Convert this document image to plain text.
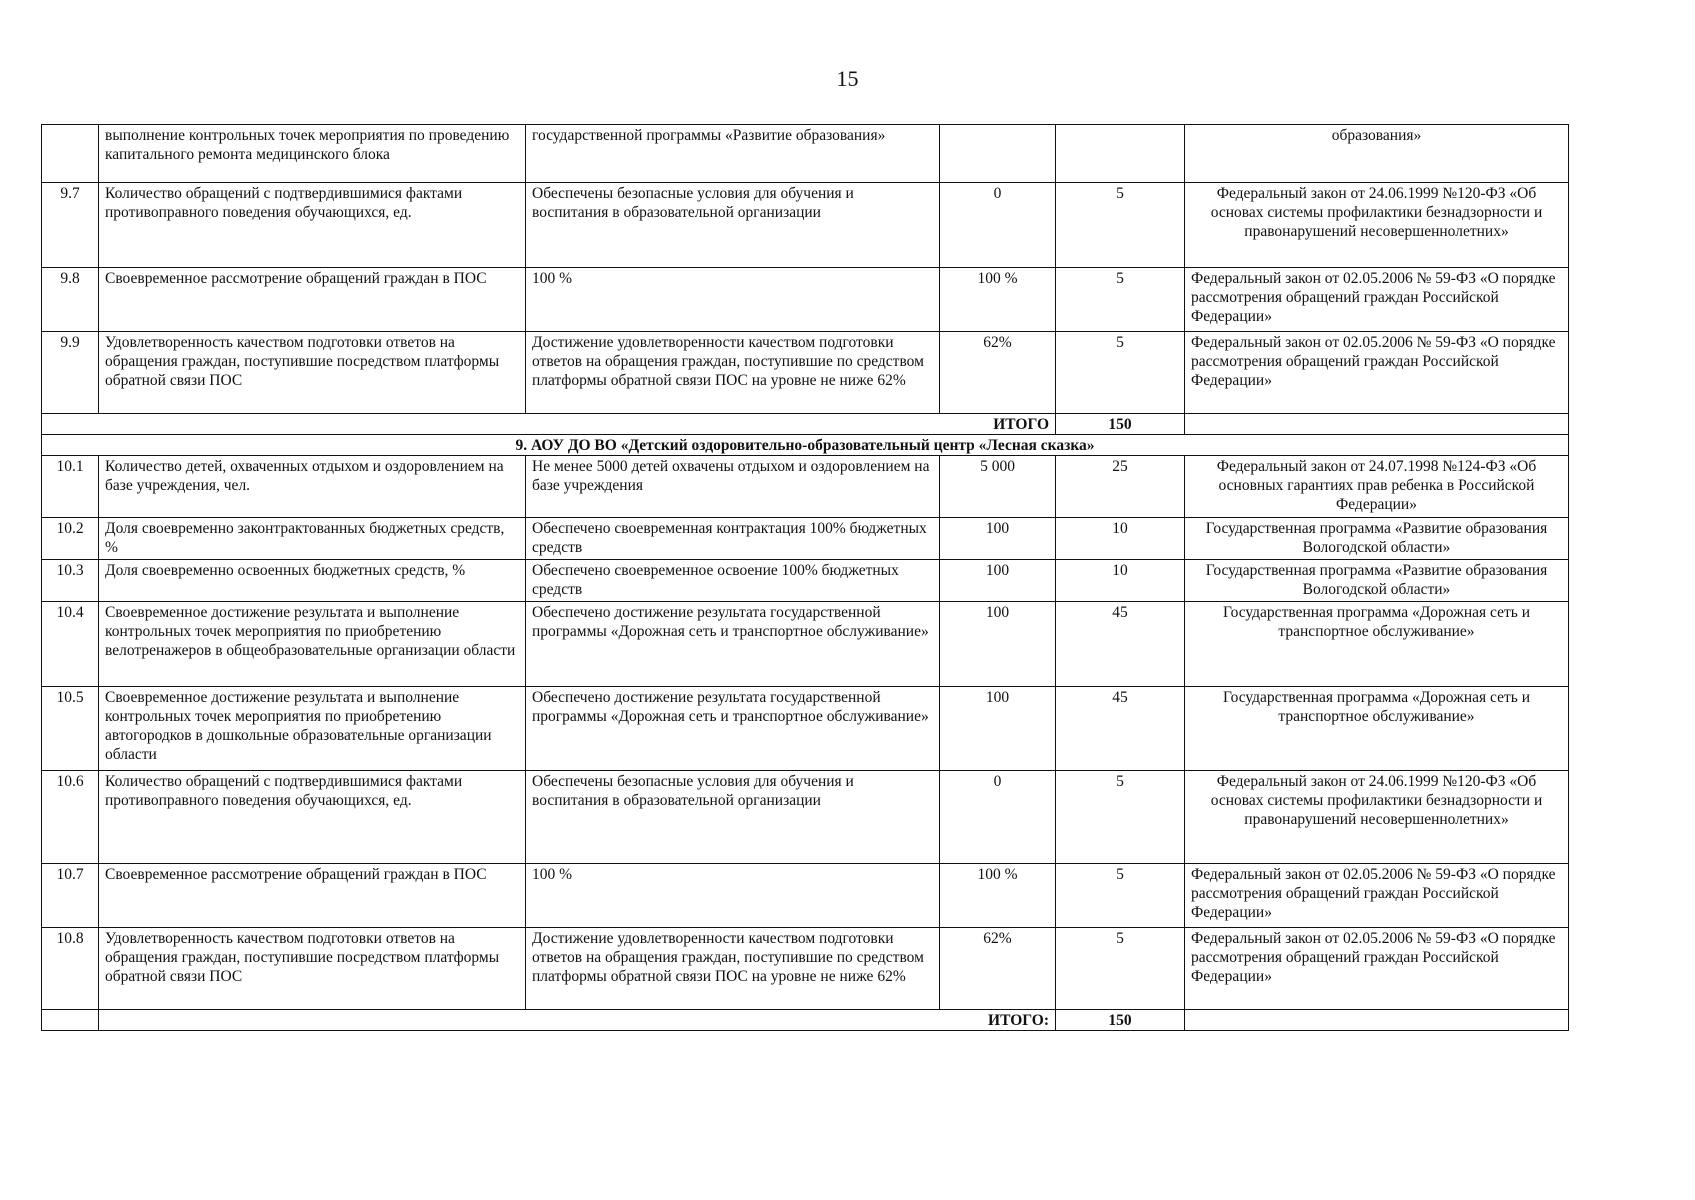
15
	выполнение контрольных точек мероприятия по проведению капитального ремонта медицинского блока	государственной программы «Развитие образования»			образования»
9.7	Количество обращений с подтвердившимися фактами противоправного поведения обучающихся, ед.	Обеспечены безопасные условия для обучения и воспитания в образовательной организации	0	5	Федеральный закон от 24.06.1999 №120-ФЗ «Об основах системы профилактики безнадзорности и правонарушений несовершеннолетних»
9.8	Своевременное рассмотрение обращений граждан в ПОС	100 %	100 %	5	Федеральный закон от 02.05.2006 № 59-ФЗ «О порядке рассмотрения обращений граждан Российской Федерации»
9.9	Удовлетворенность качеством подготовки ответов на обращения граждан, поступившие посредством платформы обратной связи ПОС	Достижение удовлетворенности качеством подготовки ответов на обращения граждан, поступившие по средством платформы обратной связи ПОС на уровне не ниже 62%	62%	5	Федеральный закон от 02.05.2006 № 59-ФЗ «О порядке рассмотрения обращений граждан Российской Федерации»
ИТОГО				150	
9. АОУ ДО ВО «Детский оздоровительно-образовательный центр «Лесная сказка»					
10.1	Количество детей, охваченных отдыхом и оздоровлением на базе учреждения, чел.	Не менее 5000 детей охвачены отдыхом и оздоровлением на базе учреждения	5 000	25	Федеральный закон от 24.07.1998 №124-ФЗ «Об основных гарантиях прав ребенка в Российской Федерации»
10.2	Доля своевременно законтрактованных бюджетных средств, %	Обеспечено своевременная контрактация 100% бюджетных средств	100	10	Государственная программа «Развитие образования Вологодской области»
10.3	Доля своевременно освоенных бюджетных средств, %	Обеспечено своевременное освоение 100% бюджетных средств	100	10	Государственная программа «Развитие образования Вологодской области»
10.4	Своевременное достижение результата и выполнение контрольных точек мероприятия по приобретению велотренажеров в общеобразовательные организации области	Обеспечено достижение результата государственной программы «Дорожная сеть и транспортное обслуживание»	100	45	Государственная программа «Дорожная сеть и транспортное обслуживание»
10.5	Своевременное достижение результата и выполнение контрольных точек мероприятия по приобретению автогородков в дошкольные образовательные организации области	Обеспечено достижение результата государственной программы «Дорожная сеть и транспортное обслуживание»	100	45	Государственная программа «Дорожная сеть и транспортное обслуживание»
10.6	Количество обращений с подтвердившимися фактами противоправного поведения обучающихся, ед.	Обеспечены безопасные условия для обучения и воспитания в образовательной организации	0	5	Федеральный закон от 24.06.1999 №120-ФЗ «Об основах системы профилактики безнадзорности и правонарушений несовершеннолетних»
10.7	Своевременное рассмотрение обращений граждан в ПОС	100 %	100 %	5	Федеральный закон от 02.05.2006 № 59-ФЗ «О порядке рассмотрения обращений граждан Российской Федерации»
10.8	Удовлетворенность качеством подготовки ответов на обращения граждан, поступившие посредством платформы обратной связи ПОС	Достижение удовлетворенности качеством подготовки ответов на обращения граждан, поступившие по средством платформы обратной связи ПОС на уровне не ниже 62%	62%	5	Федеральный закон от 02.05.2006 № 59-ФЗ «О порядке рассмотрения обращений граждан Российской Федерации»
	ИТОГО:			150	
